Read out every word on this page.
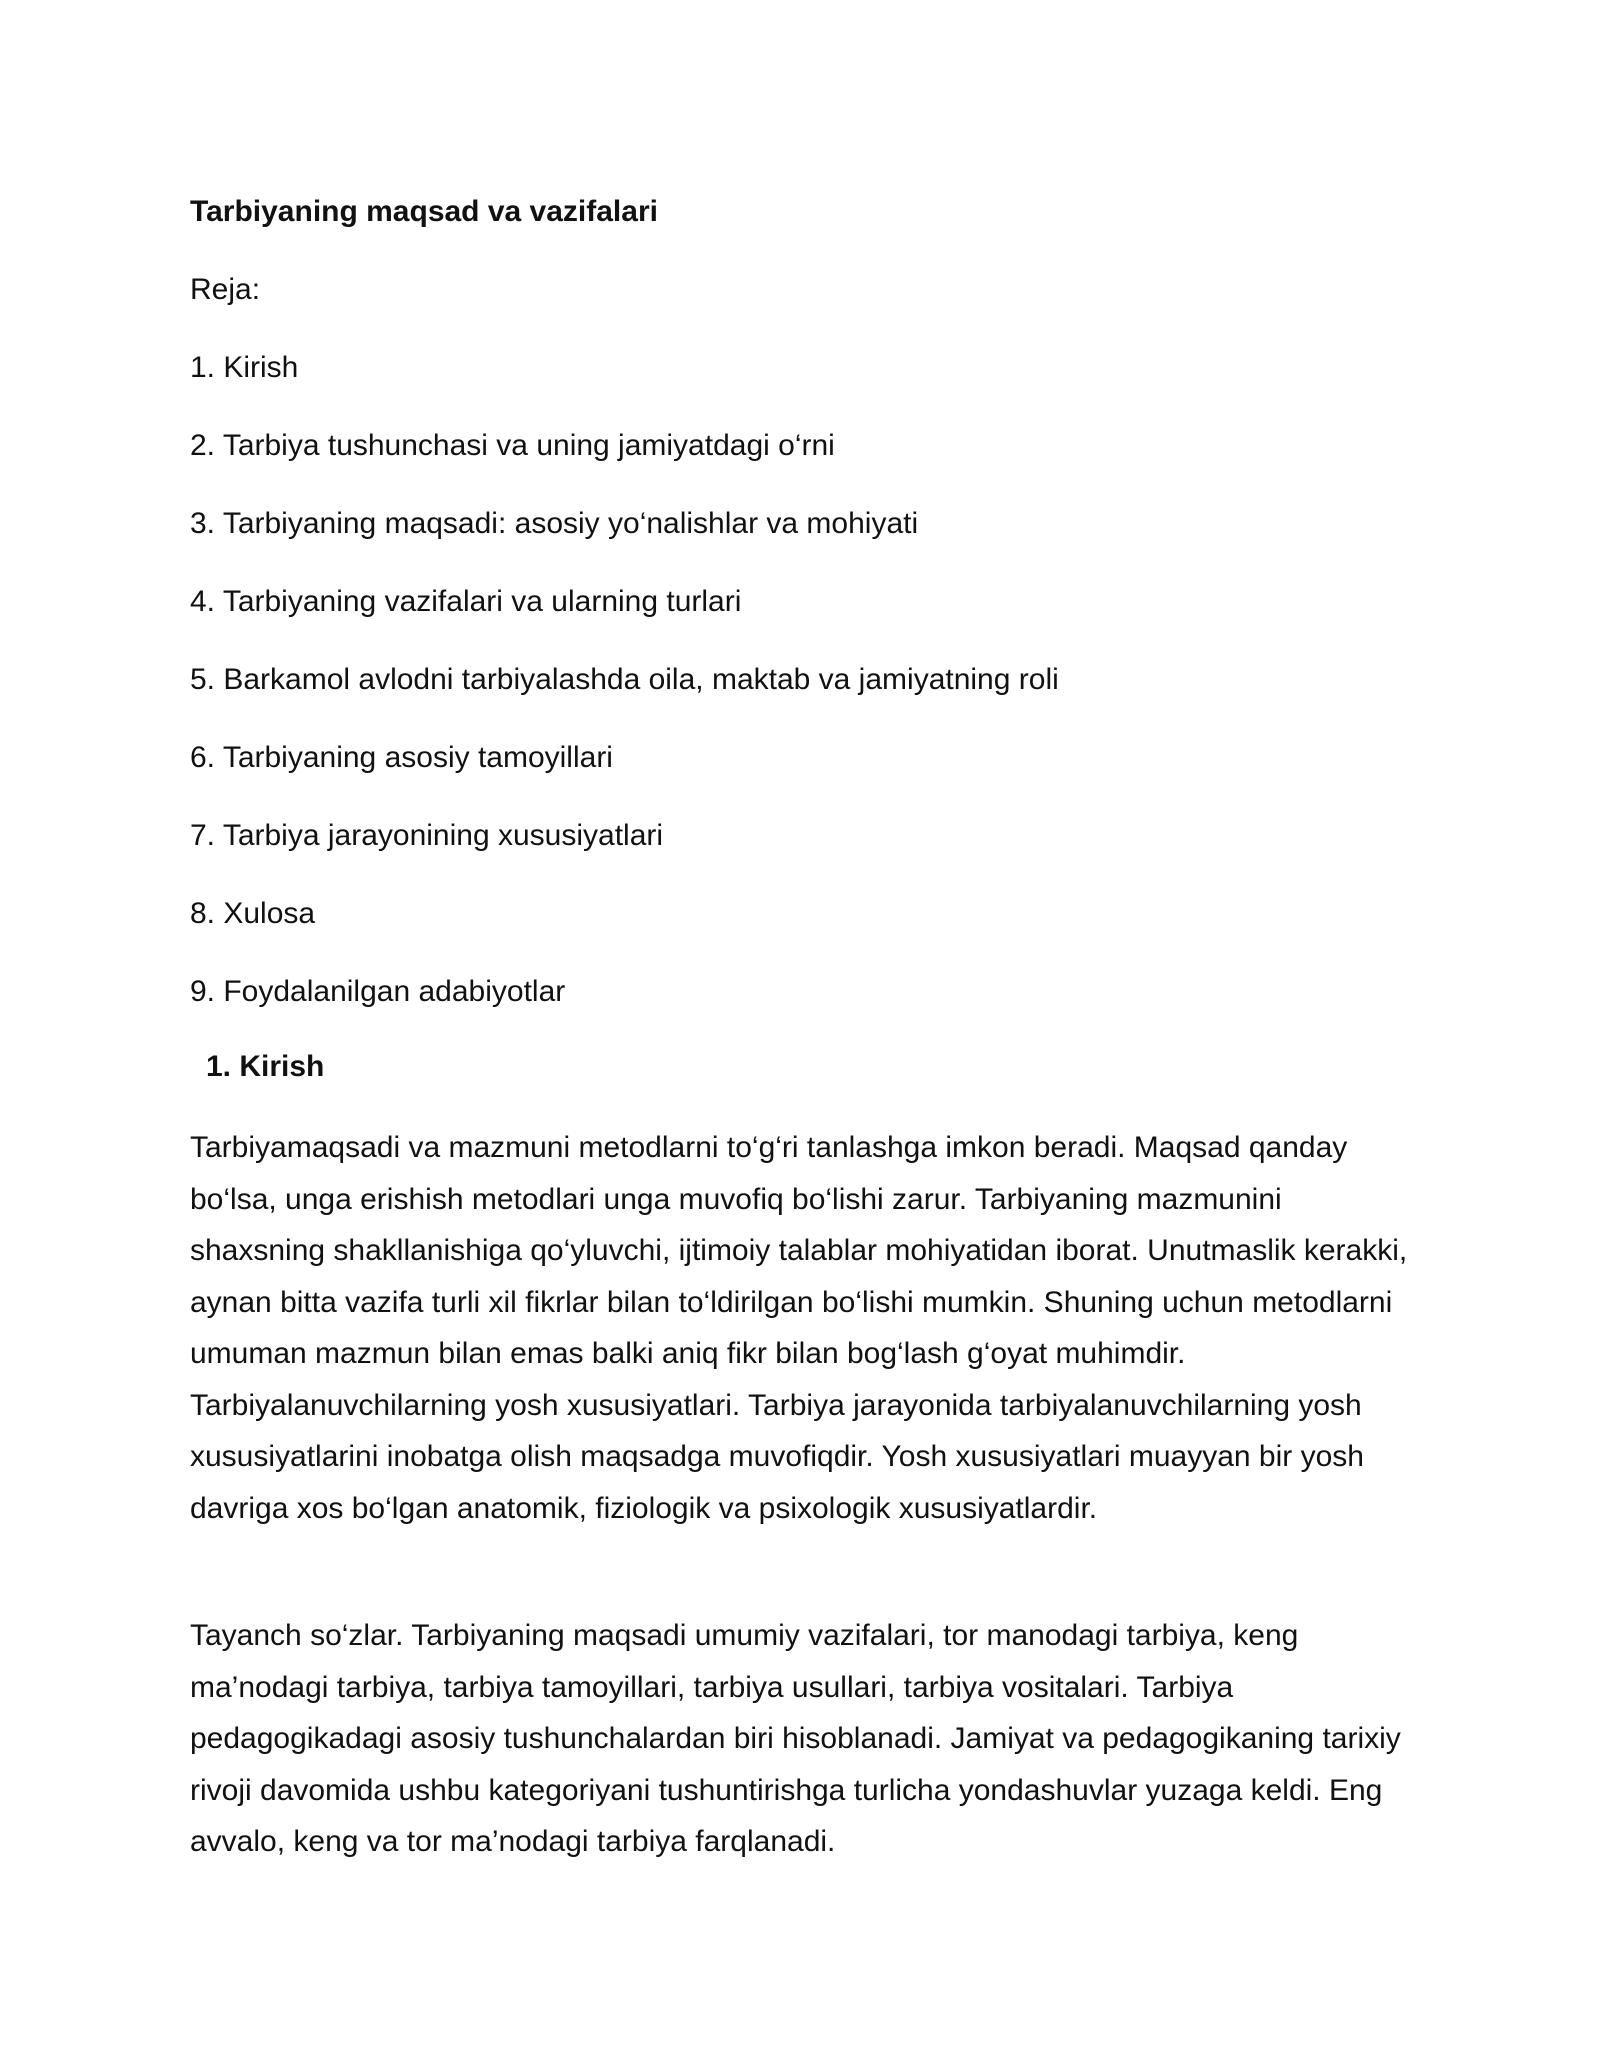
Tarbiyaning maqsad va vazifalari
Reja:
1. Kirish
2. Tarbiya tushunchasi va uning jamiyatdagi o‘rni
3. Tarbiyaning maqsadi: asosiy yo‘nalishlar va mohiyati
4. Tarbiyaning vazifalari va ularning turlari
5. Barkamol avlodni tarbiyalashda oila, maktab va jamiyatning roli
6. Tarbiyaning asosiy tamoyillari
7. Tarbiya jarayonining xususiyatlari
8. Xulosa
9. Foydalanilgan adabiyotlar
1. Kirish

Tarbiyamaqsadi va mazmuni metodlarni to‘g‘ri tanlashga imkon beradi. Maqsad qanday bo‘lsa, unga erishish metodlari unga muvofiq bo‘lishi zarur. Tarbiyaning mazmunini shaxsning shakllanishiga qo‘yluvchi, ijtimoiy talablar mohiyatidan iborat. Unutmaslik kerakki, aynan bitta vazifa turli xil fikrlar bilan to‘ldirilgan bo‘lishi mumkin. Shuning uchun metodlarni umuman mazmun bilan emas balki aniq fikr bilan bog‘lash g‘oyat muhimdir. Tarbiyalanuvchilarning yosh xususiyatlari. Tarbiya jarayonida tarbiyalanuvchilarning yosh xususiyatlarini inobatga olish maqsadga muvofiqdir. Yosh xususiyatlari muayyan bir yosh davriga xos bo‘lgan anatomik, fiziologik va psixologik xususiyatlardir.

Tayanch so‘zlar. Tarbiyaning maqsadi umumiy vazifalari, tor manodagi tarbiya, keng ma’nodagi tarbiya, tarbiya tamoyillari, tarbiya usullari, tarbiya vositalari. Tarbiya pedagogikadagi asosiy tushunchalardan biri hisoblanadi. Jamiyat va pedagogikaning tarixiy rivoji davomida ushbu kategoriyani tushuntirishga turlicha yondashuvlar yuzaga keldi. Eng avvalo, keng va tor ma’nodagi tarbiya farqlanadi.
